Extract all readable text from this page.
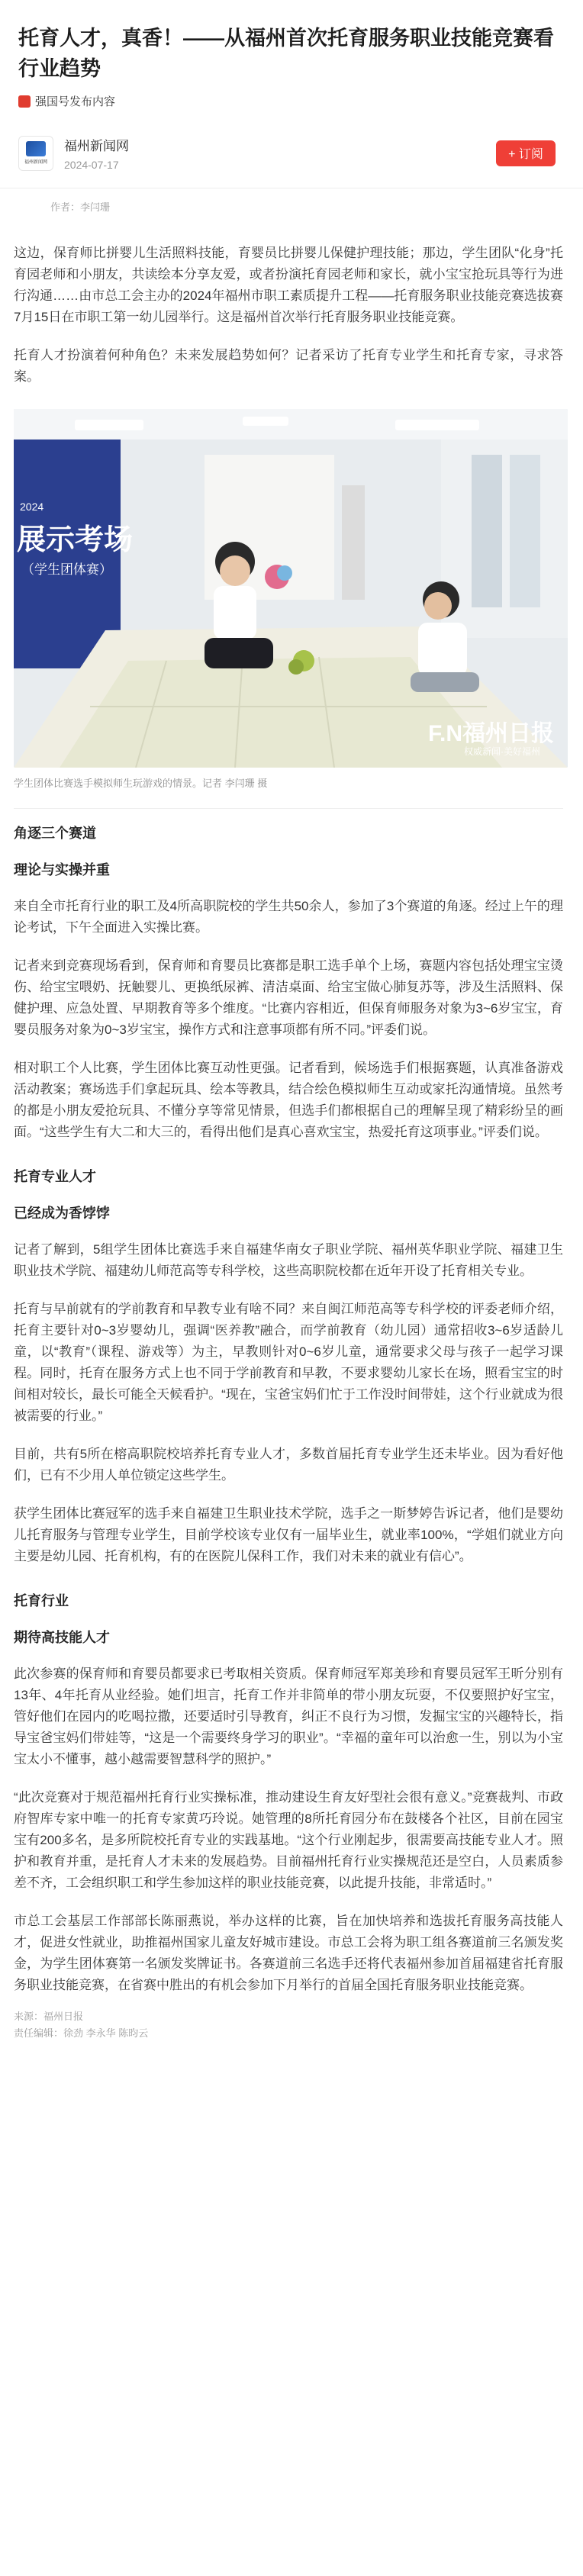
托育人才，真香！——从福州首次托育服务职业技能竞赛看行业趋势
强国号发布内容
福州新闻网
福州新闻网
2024-07-17
+ 订阅
作者：李闫珊

这边，保育师比拼婴儿生活照料技能，育婴员比拼婴儿保健护理技能；那边，学生团队“化身”托育园老师和小朋友，共读绘本分享友爱，或者扮演托育园老师和家长，就小宝宝抢玩具等行为进行沟通……由市总工会主办的2024年福州市职工素质提升工程——托育服务职业技能竞赛选拔赛7月15日在市职工第一幼儿园举行。这是福州首次举行托育服务职业技能竞赛。

托育人才扮演着何种角色？未来发展趋势如何？记者采访了托育专业学生和托育专家，寻求答案。

2024
展示考场
（学生团体赛）
F.N福州日报
权威新闻·美好福州
学生团体比赛选手模拟师生玩游戏的情景。记者 李闫珊 摄
角逐三个赛道
理论与实操并重

来自全市托育行业的职工及4所高职院校的学生共50余人，参加了3个赛道的角逐。经过上午的理论考试，下午全面进入实操比赛。

记者来到竞赛现场看到，保育师和育婴员比赛都是职工选手单个上场，赛题内容包括处理宝宝烫伤、给宝宝喂奶、抚触婴儿、更换纸尿裤、清洁桌面、给宝宝做心肺复苏等，涉及生活照料、保健护理、应急处置、早期教育等多个维度。“比赛内容相近，但保育师服务对象为3~6岁宝宝，育婴员服务对象为0~3岁宝宝，操作方式和注意事项都有所不同。”评委们说。

相对职工个人比赛，学生团体比赛互动性更强。记者看到，候场选手们根据赛题，认真准备游戏活动教案；赛场选手们拿起玩具、绘本等教具，结合绘色模拟师生互动或家托沟通情境。虽然考的都是小朋友爱抢玩具、不懂分享等常见情景，但选手们都根据自己的理解呈现了精彩纷呈的画面。“这些学生有大二和大三的，看得出他们是真心喜欢宝宝，热爱托育这项事业。”评委们说。

托育专业人才
已经成为香饽饽

记者了解到，5组学生团体比赛选手来自福建华南女子职业学院、福州英华职业学院、福建卫生职业技术学院、福建幼儿师范高等专科学校，这些高职院校都在近年开设了托育相关专业。

托育与早前就有的学前教育和早教专业有啥不同？来自闽江师范高等专科学校的评委老师介绍，托育主要针对0~3岁婴幼儿，强调“医养教”融合，而学前教育（幼儿园）通常招收3~6岁适龄儿童，以“教育”（课程、游戏等）为主，早教则针对0~6岁儿童，通常要求父母与孩子一起学习课程。同时，托育在服务方式上也不同于学前教育和早教，不要求婴幼儿家长在场，照看宝宝的时间相对较长，最长可能全天候看护。“现在，宝爸宝妈们忙于工作没时间带娃，这个行业就成为很被需要的行业。”

目前，共有5所在榕高职院校培养托育专业人才，多数首届托育专业学生还未毕业。因为看好他们，已有不少用人单位锁定这些学生。

获学生团体比赛冠军的选手来自福建卫生职业技术学院，选手之一斯梦婷告诉记者，他们是婴幼儿托育服务与管理专业学生，目前学校该专业仅有一届毕业生，就业率100%，“学姐们就业方向主要是幼儿园、托育机构，有的在医院儿保科工作，我们对未来的就业有信心”。

托育行业
期待高技能人才

此次参赛的保育师和育婴员都要求已考取相关资质。保育师冠军郑美珍和育婴员冠军王昕分别有13年、4年托育从业经验。她们坦言，托育工作并非简单的带小朋友玩耍，不仅要照护好宝宝，管好他们在园内的吃喝拉撒，还要适时引导教育，纠正不良行为习惯，发掘宝宝的兴趣特长，指导宝爸宝妈们带娃等，“这是一个需要终身学习的职业”。“幸福的童年可以治愈一生，别以为小宝宝太小不懂事，越小越需要智慧科学的照护。”

“此次竞赛对于规范福州托育行业实操标准，推动建设生育友好型社会很有意义。”竞赛裁判、市政府智库专家中唯一的托育专家黄巧玲说。她管理的8所托育园分布在鼓楼各个社区，目前在园宝宝有200多名，是多所院校托育专业的实践基地。“这个行业刚起步，很需要高技能专业人才。照护和教育并重，是托育人才未来的发展趋势。目前福州托育行业实操规范还是空白，人员素质参差不齐，工会组织职工和学生参加这样的职业技能竞赛，以此提升技能，非常适时。”

市总工会基层工作部部长陈丽燕说，举办这样的比赛，旨在加快培养和选拔托育服务高技能人才，促进女性就业，助推福州国家儿童友好城市建设。市总工会将为职工组各赛道前三名颁发奖金，为学生团体赛第一名颁发奖牌证书。各赛道前三名选手还将代表福州参加首届福建省托育服务职业技能竞赛，在省赛中胜出的有机会参加下月举行的首届全国托育服务职业技能竞赛。

来源：福州日报
责任编辑：徐劲 李永华 陈昀云
